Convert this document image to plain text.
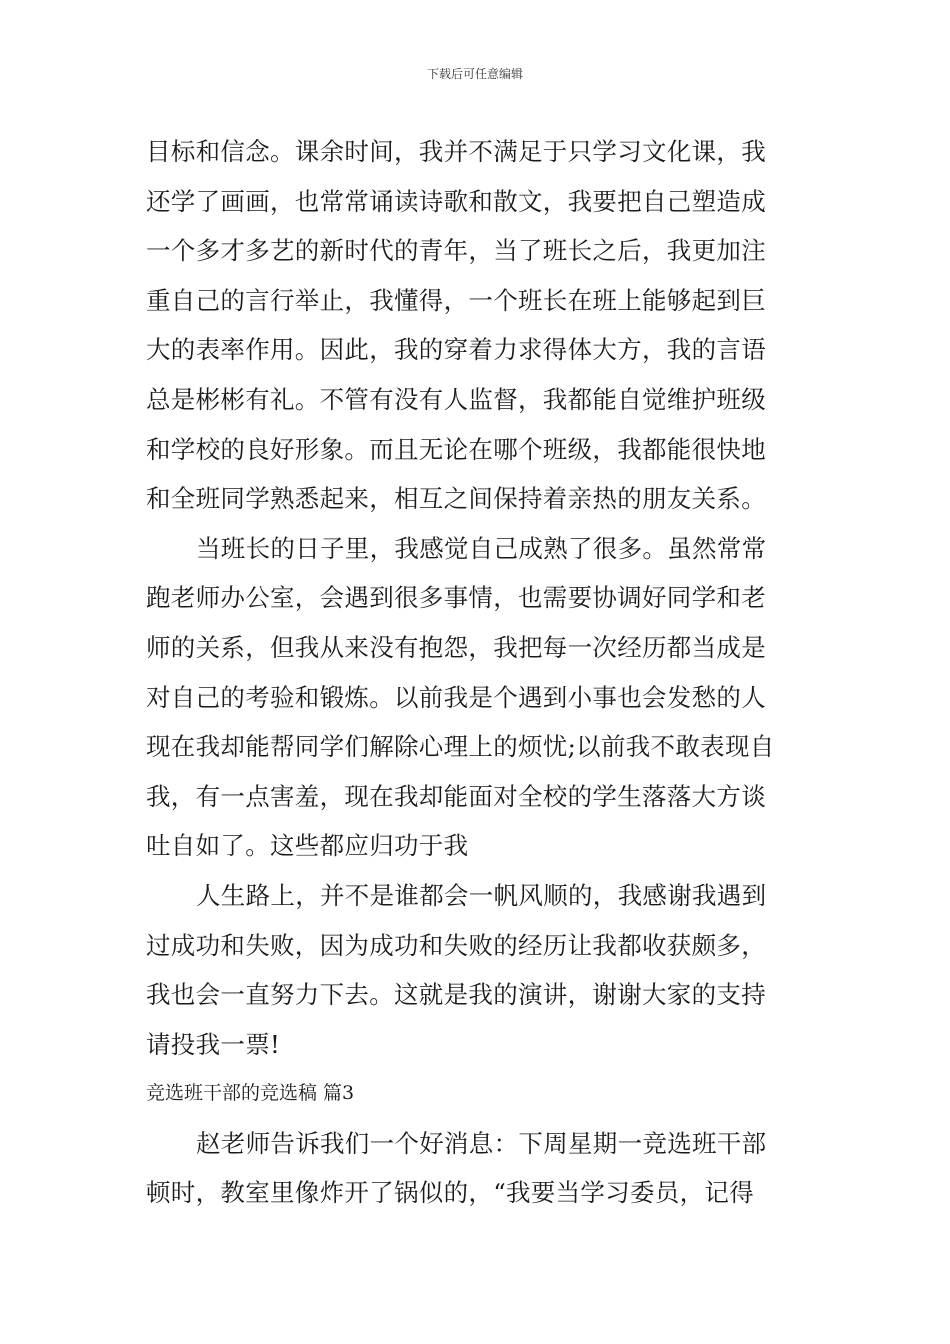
下载后可任意编辑
目标和信念。课余时间，我并不满足于只学习文化课，我
还学了画画，也常常诵读诗歌和散文，我要把自己塑造成
一个多才多艺的新时代的青年，当了班长之后，我更加注
重自己的言行举止，我懂得，一个班长在班上能够起到巨
大的表率作用。因此，我的穿着力求得体大方，我的言语
总是彬彬有礼。不管有没有人监督，我都能自觉维护班级
和学校的良好形象。而且无论在哪个班级，我都能很快地
和全班同学熟悉起来，相互之间保持着亲热的朋友关系。
当班长的日子里，我感觉自己成熟了很多。虽然常常
跑老师办公室，会遇到很多事情，也需要协调好同学和老
师的关系，但我从来没有抱怨，我把每一次经历都当成是
对自己的考验和锻炼。以前我是个遇到小事也会发愁的人
现在我却能帮同学们解除心理上的烦忧;以前我不敢表现自
我，有一点害羞，现在我却能面对全校的学生落落大方谈
吐自如了。这些都应归功于我
人生路上，并不是谁都会一帆风顺的，我感谢我遇到
过成功和失败，因为成功和失败的经历让我都收获颇多，
我也会一直努力下去。这就是我的演讲，谢谢大家的支持
请投我一票!
竞选班干部的竞选稿 篇3
赵老师告诉我们一个好消息：下周星期一竞选班干部
顿时，教室里像炸开了锅似的，“我要当学习委员，记得
